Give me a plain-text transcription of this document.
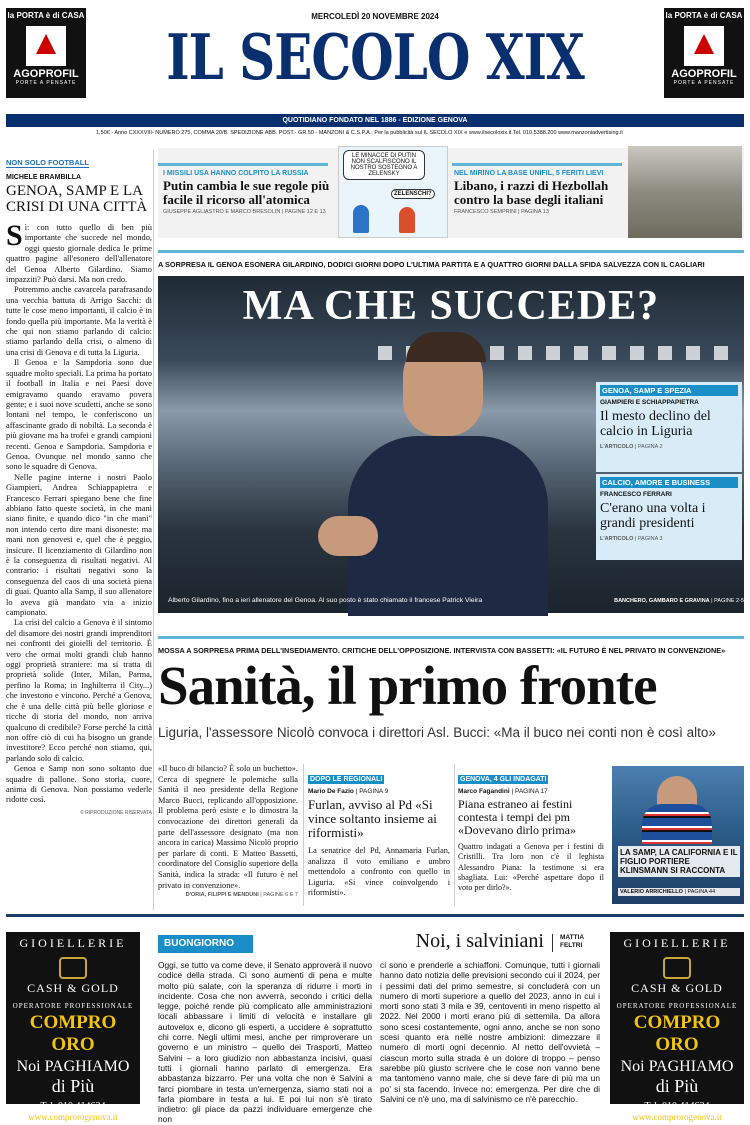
la PORTA è di CASA
AGOPROFIL
PORTE A PENSATE
la PORTA è di CASA
AGOPROFIL
PORTE A PENSATE
MERCOLEDÌ 20 NOVEMBRE 2024
IL SECOLO XIX
QUOTIDIANO FONDATO NEL 1886 - EDIZIONE GENOVA
1,50€ - Anno CXXXVIII- NUMERO 275, COMMA 20/B. SPEDIZIONE ABB. POST.- GR.50 - MANZONI & C.S.P.A.: Per la pubblicità sul IL SECOLO XIX e www.ilsecoloxix.it Tel. 010.5388.200 www.manzoniadvertising.it
I MISSILI USA HANNO COLPITO LA RUSSIA
Putin cambia le sue regole più facile il ricorso all'atomica
GIUSEPPE AGLIASTRO E MARCO BRESOLIN | PAGINE 12 E 13
LE MINACCE DI PUTIN NON SCALFISCONO IL NOSTRO SOSTEGNO A ZELENSKY
ZELENSCHI?
NEL MIRINO LA BASE UNIFIL, 5 FERITI LIEVI
Libano, i razzi di Hezbollah contro la base degli italiani
FRANCESCO SEMPRINI | PAGINA 13
NON SOLO FOOTBALL
MICHELE BRAMBILLA
GENOA, SAMP E LA CRISI DI UNA CITTÀ

Sì: con tutto quello di ben più importante che succede nel mondo, oggi questo giornale dedica le prime quattro pagine all'esonero dell'allenatore del Genoa Alberto Gilardino. Siamo impazziti? Può darsi. Ma non credo.

Potremmo anche cavarcela parafrasando una vecchia battuta di Arrigo Sacchi: di tutte le cose meno importanti, il calcio è in fondo quella più importante. Ma la verità è che qui non stiamo parlando di calcio: stiamo parlando della crisi, o almeno di una crisi di Genova e di tutta la Liguria.

Il Genoa e la Sampdoria sono due squadre molto speciali. La prima ha portato il football in Italia e nei Paesi dove emigravamo quando eravamo povera gente; e i suoi nove scudetti, anche se sono lontani nel tempo, le conferiscono un affascinante grado di nobiltà. La seconda è più giovane ma ha trofei e grandi campioni recenti. Genoa e Sampdoria. Sampdoria e Genoa. Ovunque nel mondo sanno che sono le squadre di Genova.

Nelle pagine interne i nostri Paolo Giampieri, Andrea Schiappapietra e Francesco Ferrari spiegano bene che fine abbiano fatto queste società, in che mani siano finite, e quando dico "in che mani" non intendo certo dire mani disoneste: ma mani non genovesi e, quel che è peggio, insicure. Il licenziamento di Gilardino non è la conseguenza di risultati negativi. Al contrario: i risultati negativi sono la conseguenza del caos di una società piena di guai. Quanto alla Samp, il suo allenatore lo aveva già mandato via a inizio campionato.

La crisi del calcio a Genova è il sintomo del disamore dei nostri grandi imprenditori nei confronti dei gioielli del territorio. È vero che ormai molti grandi club hanno oggi proprietà straniere: ma si tratta di proprietà solide (Inter, Milan, Parma, perfino la Roma; in Inghilterra il City...) che investono e vincono. Perché a Genova, che è una delle città più belle gloriose e ricche di storia del mondo, non arriva qualcuno di credibile? Forse perché la città non offre ciò di cui ha bisogno un grande investitore? Ecco perché non stiamo, qui, parlando solo di calcio.

Genoa e Samp non sono soltanto due squadre di pallone. Sono storia, cuore, anima di Genova. Non possiamo vederle ridotte così.

© RIPRODUZIONE RISERVATA

A SORPRESA IL GENOA ESONERA GILARDINO, DODICI GIORNI DOPO L'ULTIMA PARTITA E A QUATTRO GIORNI DALLA SFIDA SALVEZZA CON IL CAGLIARI
MA CHE SUCCEDE?
GENOA, SAMP E SPEZIA
GIAMPIERI E SCHIAPPAPIETRA
Il mesto declino del calcio in Liguria
L'ARTICOLO | PAGINA 2
CALCIO, AMORE E BUSINESS
FRANCESCO FERRARI
C'erano una volta i grandi presidenti
L'ARTICOLO | PAGINA 3
Alberto Gilardino, fino a ieri allenatore del Genoa. Al suo posto è stato chiamato il francese Patrick Vieira	BANCHERO, GAMBARO E GRAVINA | PAGINE 2-5
MOSSA A SORPRESA PRIMA DELL'INSEDIAMENTO. CRITICHE DELL'OPPOSIZIONE. INTERVISTA CON BASSETTI: «IL FUTURO È NEL PRIVATO IN CONVENZIONE»
Sanità, il primo fronte
Liguria, l'assessore Nicolò convoca i direttori Asl. Bucci: «Ma il buco nei conti non è così alto»
«Il buco di bilancio? È solo un buchetto». Cerca di spegnere le polemiche sulla Sanità il neo presidente della Regione Marco Bucci, replicando all'opposizione. Il problema però esiste e lo dimostra la convocazione dei direttori generali da parte dell'assessore designato (ma non ancora in carica) Massimo Nicolò proprio per parlare di conti. E Matteo Bassetti, coordinatore del Consiglio superiore della Sanità, indica la strada: «Il futuro è nel privato in convenzione».
D'ORIA, FILIPPI E MENDUNI | PAGINE 6 E 7
DOPO LE REGIONALI
Mario De Fazio | PAGINA 9
Furlan, avviso al Pd «Si vince soltanto insieme ai riformisti»
La senatrice del Pd, Annamaria Furlan, analizza il voto emiliano e umbro mettendolo a confronto con quello in Liguria. «Si vince coinvolgendo i riformisti».
GENOVA, 4 GLI INDAGATI
Marco Fagandini | PAGINA 17
Piana estraneo ai festini contesta i tempi dei pm «Dovevano dirlo prima»
Quattro indagati a Genova per i festini di Cristilli. Tra loro non c'è il leghista Alessandro Piana: la testimone si era sbagliata. Lui: «Perché aspettare dopo il voto per dirlo?».
LA SAMP, LA CALIFORNIA E IL FIGLIO PORTIERE KLINSMANN SI RACCONTA
VALERIO ARRICHIELLO | PAGINA 44
BUONGIORNO	Noi, i salviniani MATTIA FELTRI
Oggi, se tutto va come deve, il Senato approverà il nuovo codice della strada. Ci sono aumenti di pena e multe molto più salate, con la speranza di ridurre i morti in incidente. Cosa che non avverrà, secondo i critici della legge, poiché rende più complicato alle amministrazioni locali abbassare i limiti di velocità e installare gli autovelox e, dicono gli esperti, a uccidere è soprattutto chi corre. Negli ultimi mesi, anche per rimproverare un governo e un ministro – quello dei Trasporti, Matteo Salvini – a loro giudizio non abbastanza incisivi, quasi tutti i giornali hanno parlato di emergenza. Era abbastanza bizzarro. Per una volta che non è Salvini a farci piombare in testa un'emergenza, siamo stati noi a farla piombare in testa a lui. E poi lui non s'è tirato indietro: gli piace da pazzi individuare emergenze che non
ci sono e prenderle a schiaffoni. Comunque, tutti i giornali hanno dato notizia delle previsioni secondo cui il 2024, per i pessimi dati del primo semestre, si concluderà con un numero di morti superiore a quello del 2023, anno in cui i morti sono stati 3 mila e 39, centoventi in meno rispetto al 2022. Nel 2000 i morti erano più di settemila. Da allora sono scesi costantemente, ogni anno, anche se non sono scesi quanto era nelle nostre ambizioni: dimezzare il numero di morti ogni decennio. Al netto dell'ovvietà – ciascun morto sulla strada è un dolore di troppo – penso sarebbe più giusto scrivere che le cose non vanno bene ma tantomeno vanno male, che si deve fare di più ma un po' si sta facendo. Invece no: emergenza. Per dire che di Salvini ce n'è uno, ma di salvinismo ce n'è parecchio.
GIOIELLERIE
CASH & GOLD
OPERATORE PROFESSIONALE
COMPRO ORO
Noi PAGHIAMO
di Più
Tel. 010 414634
www.comprorogenova.it
GIOIELLERIE
CASH & GOLD
OPERATORE PROFESSIONALE
COMPRO ORO
Noi PAGHIAMO
di Più
Tel. 010 414634
www.comprorogenova.it
